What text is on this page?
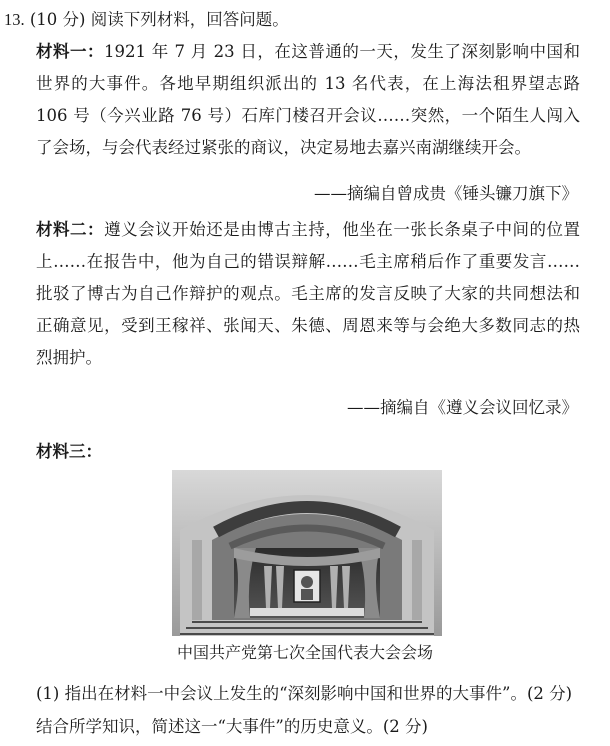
13. (10 分) 阅读下列材料，回答问题。
材料一：1921 年 7 月 23 日，在这普通的一天，发生了深刻影响中国和世界的大事件。各地早期组织派出的 13 名代表，在上海法租界望志路 106 号（今兴业路 76 号）石库门楼召开会议……突然，一个陌生人闯入了会场，与会代表经过紧张的商议，决定易地去嘉兴南湖继续开会。
——摘编自曾成贵《锤头镰刀旗下》
材料二：遵义会议开始还是由博古主持，他坐在一张长条桌子中间的位置上……在报告中，他为自己的错误辩解……毛主席稍后作了重要发言……批驳了博古为自己作辩护的观点。毛主席的发言反映了大家的共同想法和正确意见，受到王稼祥、张闻天、朱德、周恩来等与会绝大多数同志的热烈拥护。
——摘编自《遵义会议回忆录》
材料三：
中国共产党第七次全国代表大会会场
(1) 指出在材料一中会议上发生的“深刻影响中国和世界的大事件”。(2 分)
结合所学知识，简述这一“大事件”的历史意义。(2 分)
